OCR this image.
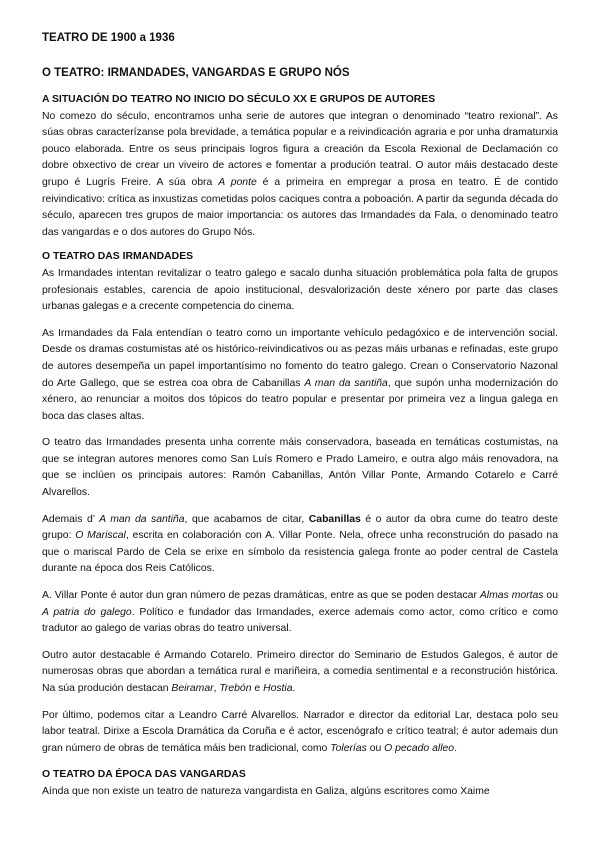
TEATRO DE 1900 a 1936
O TEATRO: IRMANDADES, VANGARDAS E GRUPO NÓS
A SITUACIÓN DO TEATRO NO INICIO DO SÉCULO XX E GRUPOS DE AUTORES

No comezo do século, encontramos unha serie de autores que integran o denominado “teatro rexional”. As súas obras caracterízanse pola brevidade, a temática popular e a reivindicación agraria e por unha dramaturxia pouco elaborada. Entre os seus principais logros figura a creación da Escola Rexional de Declamación co dobre obxectivo de crear un viveiro de actores e fomentar a produción teatral. O autor máis destacado deste grupo é Lugrís Freire. A súa obra A ponte é a primeira en empregar a prosa en teatro. É de contido reivindicativo: crítica as inxustizas cometidas polos caciques contra a poboación. A partir da segunda década do século, aparecen tres grupos de maior importancia: os autores das Irmandades da Fala, o denominado teatro das vangardas e o dos autores do Grupo Nós.

O TEATRO DAS IRMANDADES

As Irmandades intentan revitalizar o teatro galego e sacalo dunha situación problemática pola falta de grupos profesionais estables, carencia de apoio institucional, desvalorización deste xénero por parte das clases urbanas galegas e a crecente competencia do cinema.

As Irmandades da Fala entendían o teatro como un importante vehículo pedagóxico e de intervención social. Desde os dramas costumistas até os histórico-reivindicativos ou as pezas máis urbanas e refinadas, este grupo de autores desempeña un papel importantísimo no fomento do teatro galego. Crean o Conservatorio Nazonal do Arte Gallego, que se estrea coa obra de Cabanillas A man da santiña, que supón unha modernización do xénero, ao renunciar a moitos dos tópicos do teatro popular e presentar por primeira vez a lingua galega en boca das clases altas.

O teatro das Irmandades presenta unha corrente máis conservadora, baseada en temáticas costumistas, na que se integran autores menores como San Luís Romero e Prado Lameiro, e outra algo máis renovadora, na que se inclúen os principais autores: Ramón Cabanillas, Antón Villar Ponte, Armando Cotarelo e Carré Alvarellos.

Ademais d’ A man da santiña, que acabamos de citar, Cabanillas é o autor da obra cume do teatro deste grupo: O Mariscal, escrita en colaboración con A. Villar Ponte. Nela, ofrece unha reconstrución do pasado na que o mariscal Pardo de Cela se erixe en símbolo da resistencia galega fronte ao poder central de Castela durante na época dos Reis Católicos.

A. Villar Ponte é autor dun gran número de pezas dramáticas, entre as que se poden destacar Almas mortas ou A patria do galego. Político e fundador das Irmandades, exerce ademais como actor, como crítico e como tradutor ao galego de varias obras do teatro universal.

Outro autor destacable é Armando Cotarelo. Primeiro director do Seminario de Estudos Galegos, é autor de numerosas obras que abordan a temática rural e mariñeira, a comedia sentimental e a reconstrución histórica. Na súa produción destacan Beiramar, Trebón e Hostia.

Por último, podemos citar a Leandro Carré Alvarellos. Narrador e director da editorial Lar, destaca polo seu labor teatral. Dirixe a Escola Dramática da Coruña e é actor, escenógrafo e crítico teatral; é autor ademais dun gran número de obras de temática máis ben tradicional, como Tolerías ou O pecado alleo.

O TEATRO DA ÉPOCA DAS VANGARDAS

Aínda que non existe un teatro de natureza vangardista en Galiza, algúns escritores como Xaime
